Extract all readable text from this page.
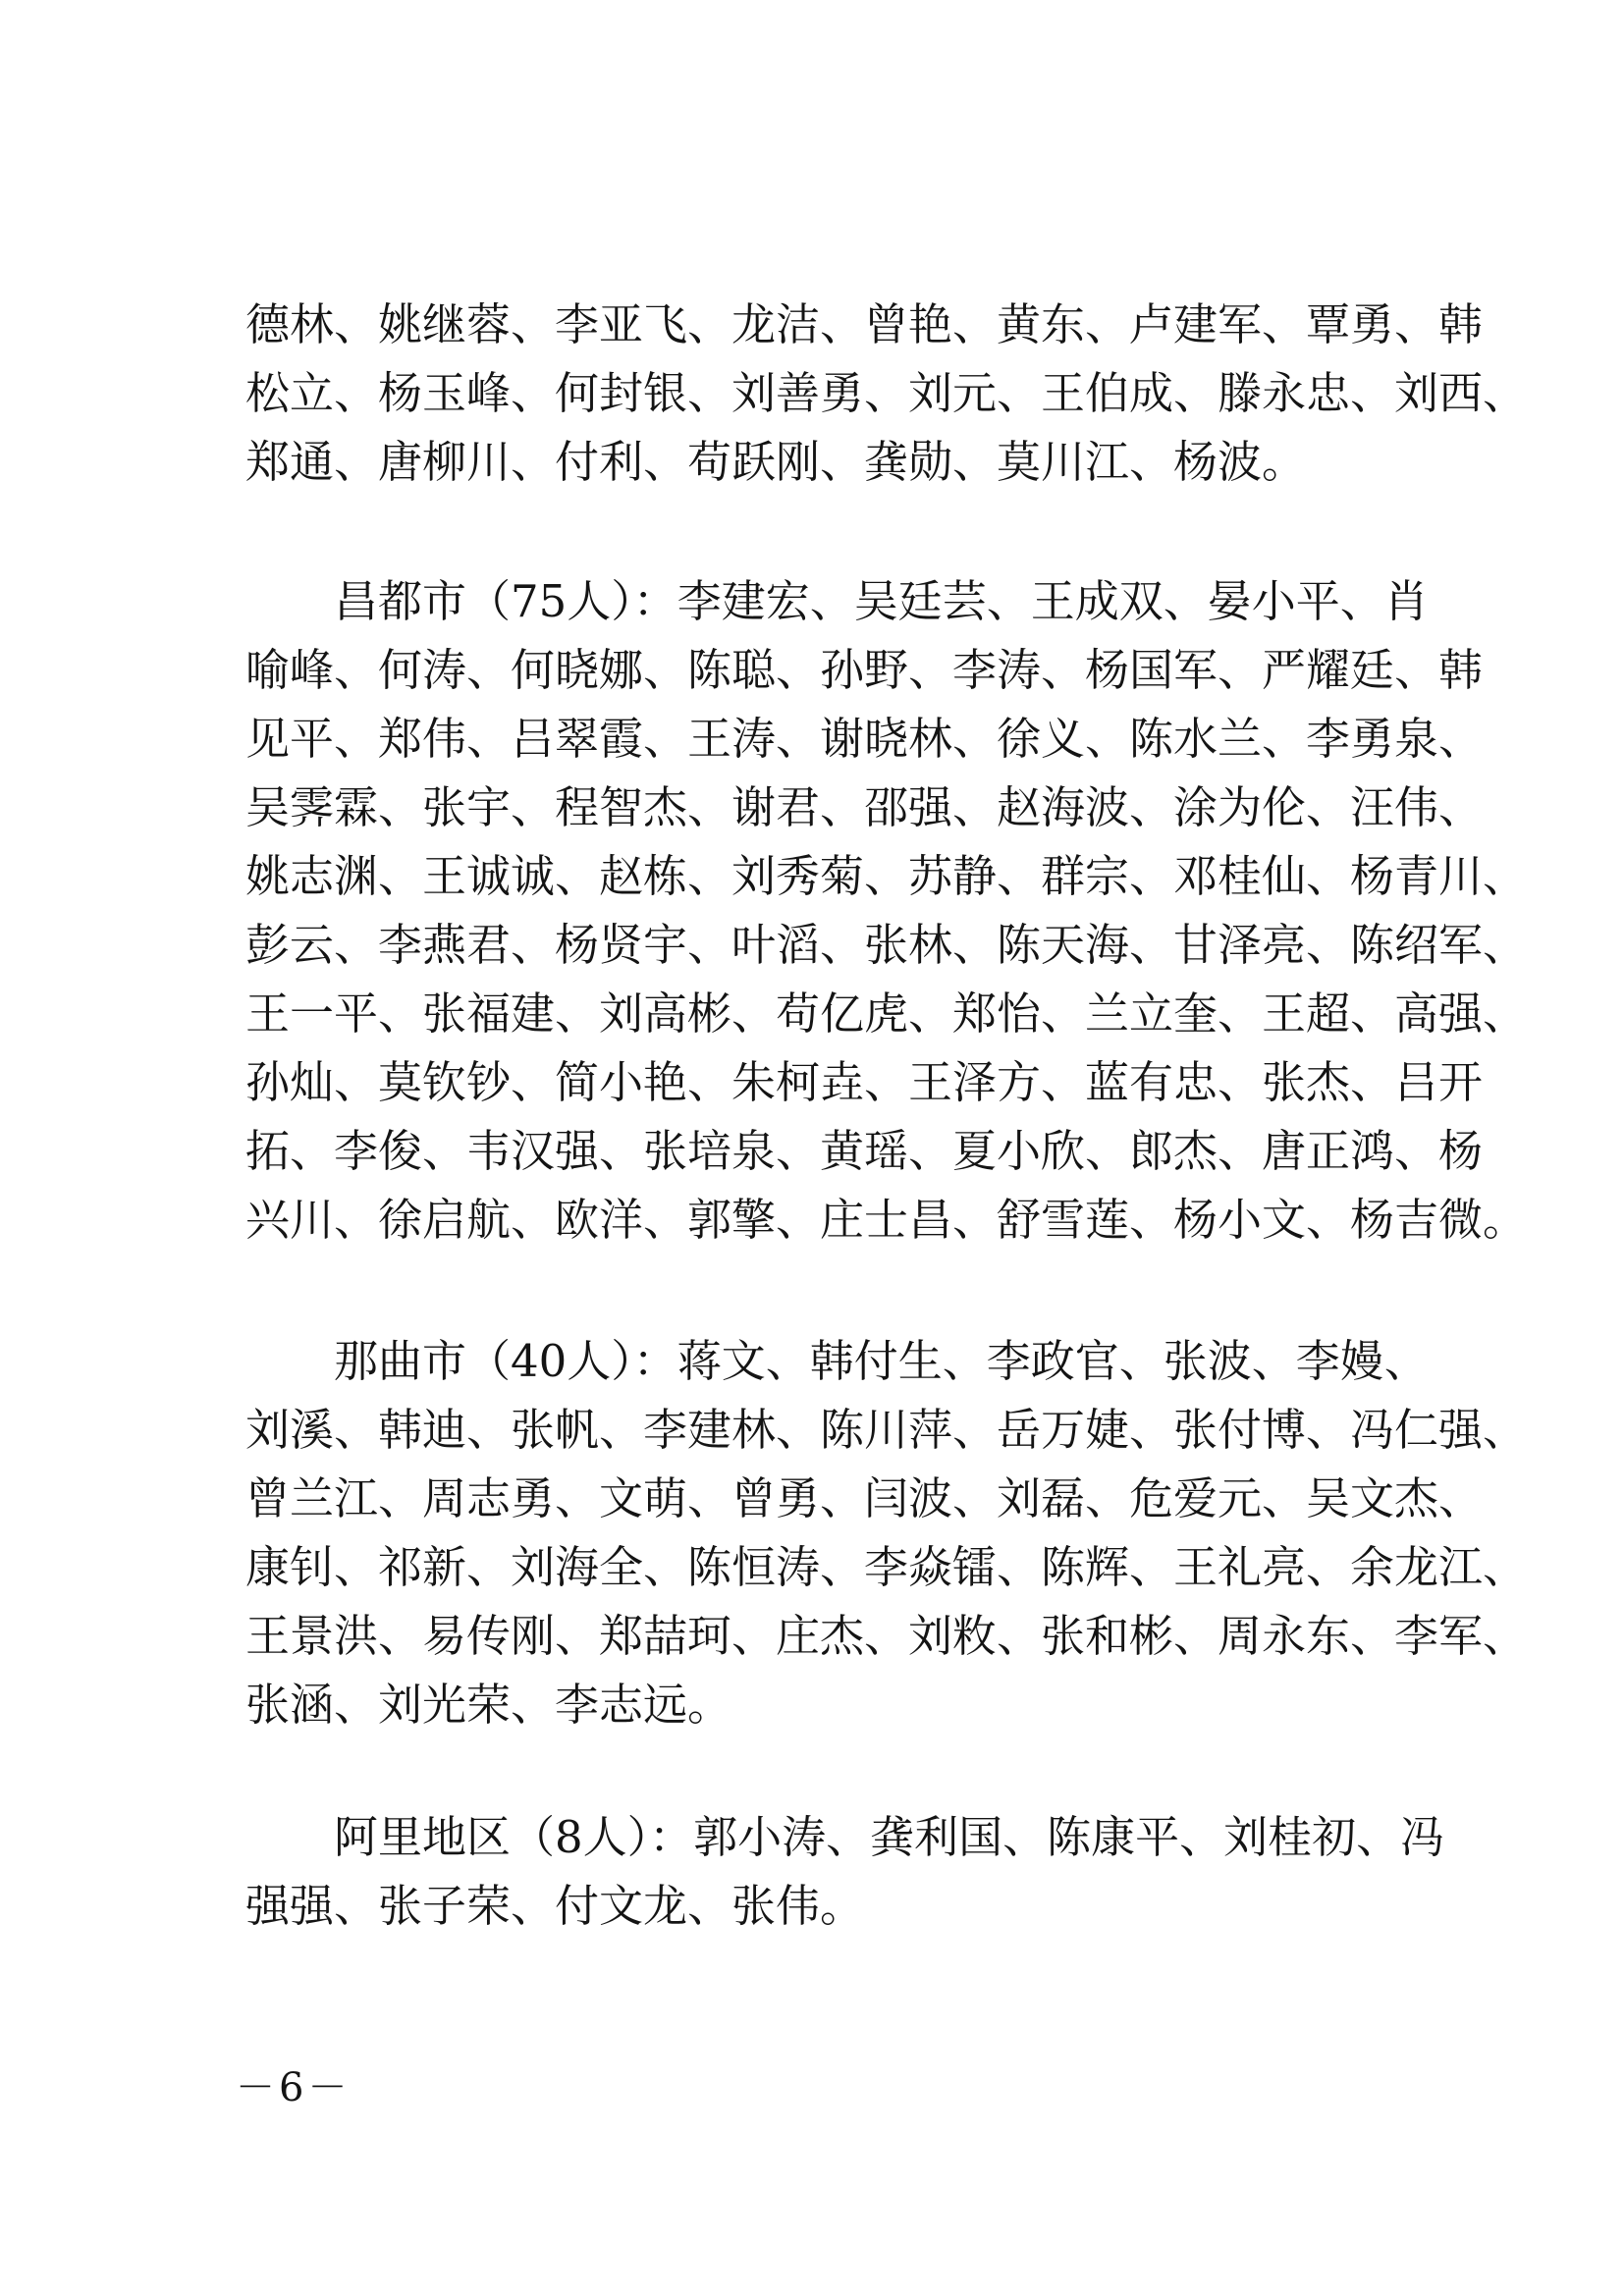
德林、姚继蓉、李亚飞、龙洁、曾艳、黄东、卢建军、覃勇、韩
松立、杨玉峰、何封银、刘善勇、刘元、王伯成、滕永忠、刘西、
郑通、唐柳川、付利、苟跃刚、龚勋、莫川江、杨波。
昌都市（75人）：李建宏、吴廷芸、王成双、晏小平、肖
喻峰、何涛、何晓娜、陈聪、孙野、李涛、杨国军、严耀廷、韩
见平、郑伟、吕翠霞、王涛、谢晓林、徐义、陈水兰、李勇泉、
吴霁霖、张宇、程智杰、谢君、邵强、赵海波、涂为伦、汪伟、
姚志渊、王诚诚、赵栋、刘秀菊、苏静、群宗、邓桂仙、杨青川、
彭云、李燕君、杨贤宇、叶滔、张林、陈天海、甘泽亮、陈绍军、
王一平、张福建、刘高彬、苟亿虎、郑怡、兰立奎、王超、高强、
孙灿、莫钦钞、简小艳、朱柯垚、王泽方、蓝有忠、张杰、吕开
拓、李俊、韦汉强、张培泉、黄瑶、夏小欣、郎杰、唐正鸿、杨
兴川、徐启航、欧洋、郭擎、庄士昌、舒雪莲、杨小文、杨吉微。
那曲市（40人）：蒋文、韩付生、李政官、张波、李嫚、
刘溪、韩迪、张帆、李建林、陈川萍、岳万婕、张付博、冯仁强、
曾兰江、周志勇、文萌、曾勇、闫波、刘磊、危爱元、吴文杰、
康钊、祁新、刘海全、陈恒涛、李焱镭、陈辉、王礼亮、余龙江、
王景洪、易传刚、郑喆珂、庄杰、刘敉、张和彬、周永东、李军、
张涵、刘光荣、李志远。
阿里地区（8人）：郭小涛、龚利国、陈康平、刘桂初、冯
强强、张子荣、付文龙、张伟。
－6－
